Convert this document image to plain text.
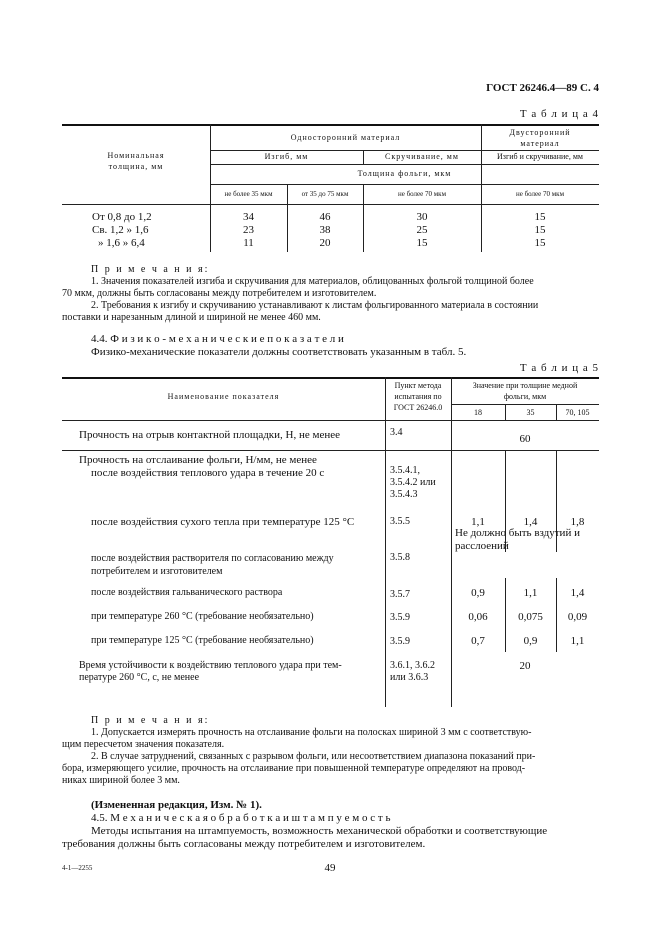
ГОСТ 26246.4—89 С. 4
Т а б л и ц а 4
Номинальная
толщина, мм
Односторонний материал
Двусторонний
материал
Изгиб, мм	Скручивание, мм	Изгиб и скручивание, мм
Толщина фольги, мкм
не более 35 мкм	от 35 до 75 мкм	не более 70 мкм	не более 70 мкм
От 0,8 до 1,2	34	46	30	15
Св. 1,2 » 1,6	23	38	25	15
» 1,6 » 6,4	11	20	15	15
П р и м е ч а н и я:
1. Значения показателей изгиба и скручивания для материалов, облицованных фольгой толщиной более
70 мкм, должны быть согласованы между потребителем и изготовителем.
2. Требования к изгибу и скручиванию устанавливают к листам фольгированного материала в состоянии
поставки и нарезанным длиной и шириной не менее 460 мм.
4.4. Ф и з и к о - м е х а н и ч е с к и е п о к а з а т е л и
Физико-механические показатели должны соответствовать указанным в табл. 5.
Т а б л и ц а 5
Наименование показателя
Пункт метода
испытания по
ГОСТ 26246.0
Значение при толщине медной
фольги, мкм
18	35	70, 105
Прочность на отрыв контактной площадки, Н, не менее	3.4
60
Прочность на отслаивание фольги, Н/мм, не менее
после воздействия теплового удара в течение 20 с	3.5.4.1,
3.5.4.2 или
3.5.4.3
после воздействия сухого тепла при температуре 125 °С	3.5.5	1,1	1,4	1,8
Не должно быть вздутий и
расслоений
после воздействия растворителя по согласованию между
потребителем и изготовителем
3.5.8
после воздействия гальванического раствора	3.5.7	0,9	1,1	1,4
при температуре 260 °С (требование необязательно)	3.5.9	0,06	0,075	0,09
при температуре 125 °С (требование необязательно)	3.5.9	0,7	0,9	1,1
Время устойчивости к воздействию теплового удара при тем-
пературе 260 °С, с, не менее
3.6.1, 3.6.2
или 3.6.3
20
П р и м е ч а н и я:
1. Допускается измерять прочность на отслаивание фольги на полосках шириной 3 мм с соответствую-
щим пересчетом значения показателя.
2. В случае затруднений, связанных с разрывом фольги, или несоответствием диапазона показаний при-
бора, измеряющего усилие, прочность на отслаивание при повышенной температуре определяют на провод-
никах шириной более 3 мм.
(Измененная редакция, Изм. № 1).
4.5. М е х а н и ч е с к а я о б р а б о т к а и ш т а м п у е м о с т ь
Методы испытания на штампуемость, возможность механической обработки и соответствующие
требования должны быть согласованы между потребителем и изготовителем.
4-1—2255	49
